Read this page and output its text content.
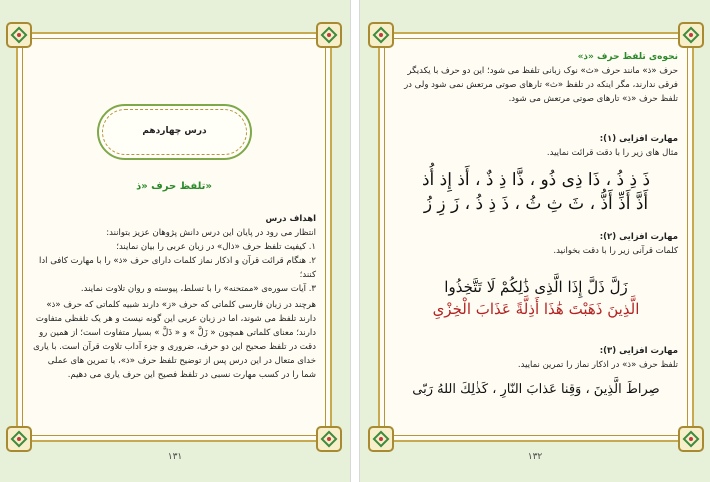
درس چهاردهم
تلفظ حرف «ذ»

اهداف درس

انتظار می رود در پایان این درس دانش پژوهان عزیز بتوانند:

۱. کیفیت تلفظ حرف «ذال» در زبان عربی را بیان نمایند؛

۲. هنگام قرائت قرآن و اذکار نماز کلمات دارای حرف «ذ» را با مهارت کافی ادا کنند؛

۳. آیات سوره‌ی «ممتحنه» را با تسلط، پیوسته و روان تلاوت نمایند.

هرچند در زبان فارسی کلماتی که حرف «ز» دارند شبیه کلماتی که حرف «ذ» دارند تلفظ می شوند، اما در زبان عربی این گونه نیست و هر یک تلفظی متفاوت دارند؛ معنای کلماتی همچون « زَلَّ » و « ذَلَّ » بسیار متفاوت است؛ از همین رو دقت در تلفظ صحیح این دو حرف، ضروری و جزء آداب تلاوت قرآن است. با یاری خدای متعال در این درس پس از توضیح تلفظ حرف «ذ»، با تمرین های عملی شما را در کسب مهارت نسبی در تلفظ فصیح این حرف یاری می دهیم.
۱۳۱

نحوه‌ی تلفظ حرف «ذ»

حرف «ذ» مانند حرف «ث» نوک زبانی تلفظ می شود؛ این دو حرف با یکدیگر فرقی ندارند، مگر اینکه در تلفظ «ث» تارهای صوتی مرتعش نمی شود ولی در تلفظ حرف «ذ» تارهای صوتی مرتعش می شود.

مهارت افزایی (۱):

مثال های زیر را با دقت قرائت نمایید.

ذَ ذِ ذُ ، ذَا ذِی ذُو ، ذَّا ذِ ذٌ ، أَذ إِذ أُذ

أَذَّ أَذِّ أَذُّ ، ثَ ثِ ثُ ، ذَ ذِ ذُ ، زَ زِ زُ

مهارت افزایی (۲):

کلمات قرآنی زیر را با دقت بخوانید.

زَلَّ ذَلَّ إِذَا الَّذِی ذَٰلِكُمْ لَا تَتَّخِذُوا

الَّذِینَ ذَهَبْتَ هَٰذَا أَذِلَّةً عَذَابَ الْخِزْیِ

مهارت افزایی (۳):

تلفظ حرف «ذ» در اذکار نماز را تمرین نمایید.

صِراطَ الَّذِینَ ، وَقِنا عَذابَ النّارِ ، كَذٰلِكَ اللهُ رَبّی

۱۳۲
